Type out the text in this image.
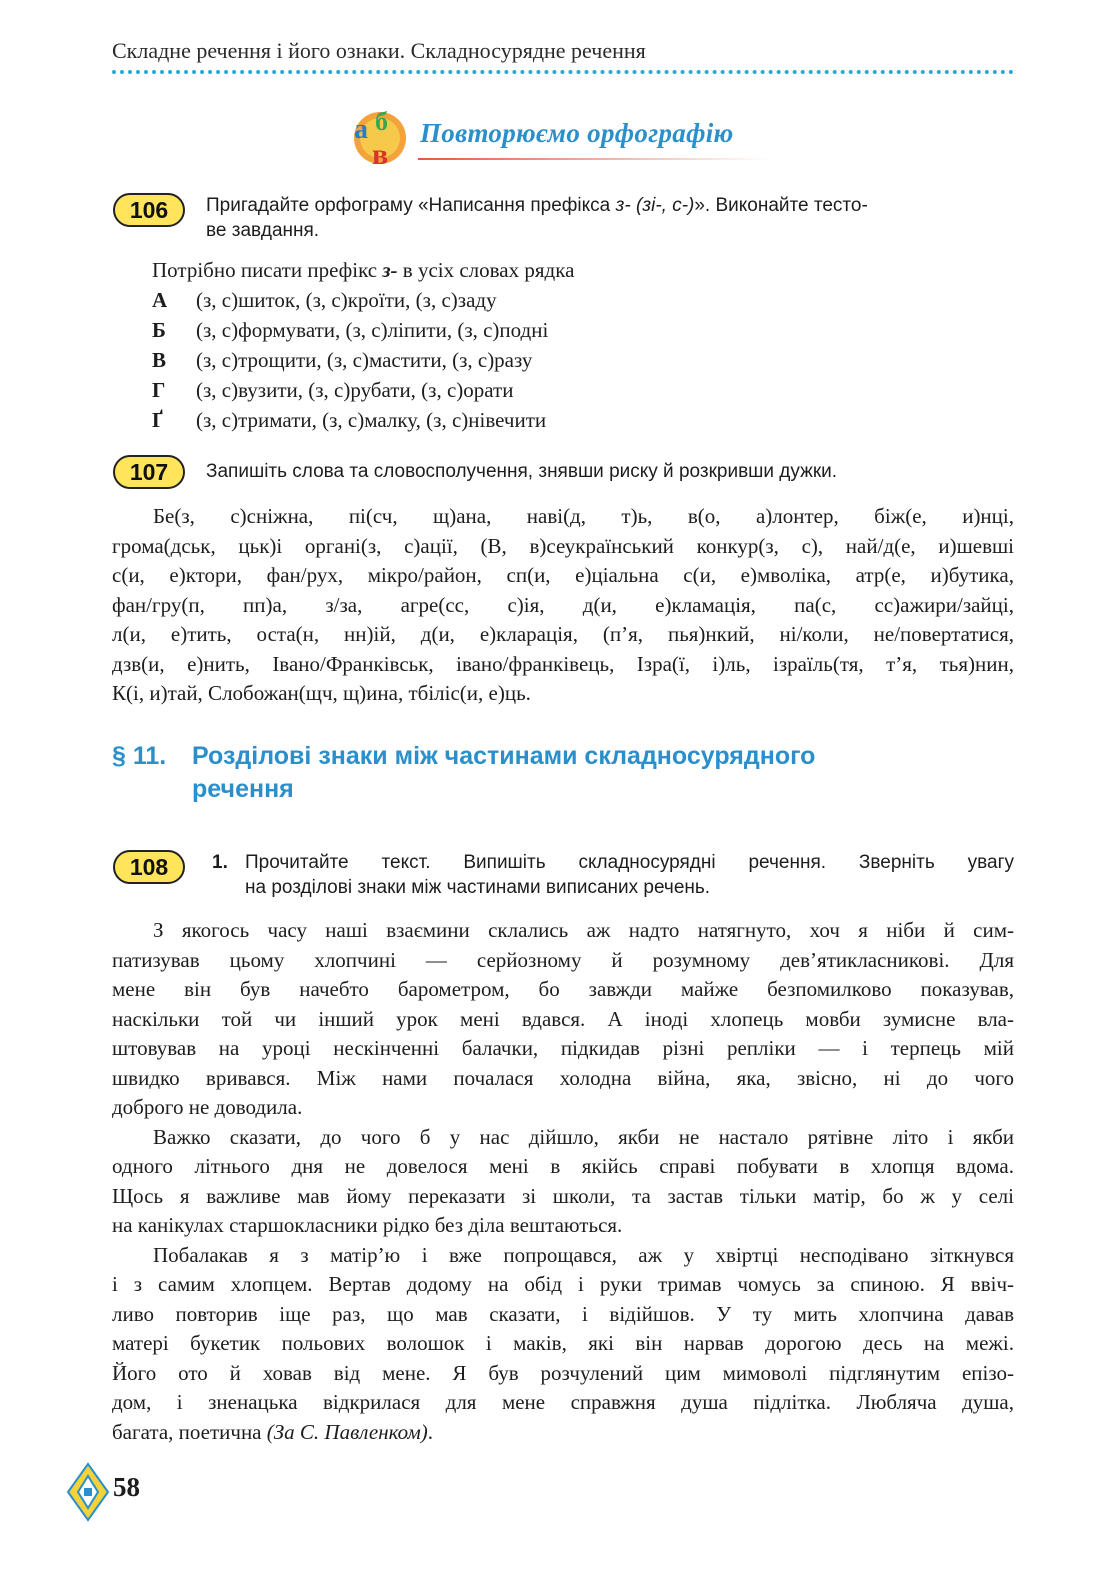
Складне речення і його ознаки. Складносурядне речення
а б
в
Повторюємо орфографію
106	Пригадайте орфограму «Написання префікса з- (зі-, с-)». Виконайте тесто-
ве завдання.
Потрібно писати префікс з- в усіх словах рядка
А (з, с)шиток, (з, с)кроїти, (з, с)заду
Б (з, с)формувати, (з, с)ліпити, (з, с)подні
В (з, с)трощити, (з, с)мастити, (з, с)разу
Г (з, с)вузити, (з, с)рубати, (з, с)орати
Ґ (з, с)тримати, (з, с)малку, (з, с)нівечити
107	Запишіть слова та словосполучення, знявши риску й розкривши дужки.

Бе(з, с)сніжна, пі(сч, щ)ана, наві(д, т)ь, в(о, а)лонтер, біж(е, и)нці,

грома(дськ, цьк)і органі(з, с)ації, (В, в)сеукраїнський конкур(з, с), най/д(е, и)шевші

с(и, е)ктори, фан/рух, мікро/район, сп(и, е)ціальна с(и, е)мволіка, атр(е, и)бутика,

фан/гру(п, пп)а, з/за, агре(сс, с)ія, д(и, е)кламація, па(с, сс)ажири/зайці,

л(и, е)тить, оста(н, нн)ій, д(и, е)кларація, (п’я, пья)нкий, ні/коли, не/повертатися,

дзв(и, е)нить, Івано/Франківськ, івано/франківець, Ізра(ї, і)ль, ізраїль(тя, т’я, тья)нин,

К(і, и)тай, Слобожан(щч, щ)ина, тбіліс(и, е)ць.

§ 11. Розділові знаки між частинами складносурядного
речення
108	1. Прочитайте текст. Випишіть складносурядні речення. Зверніть увагу
на розділові знаки між частинами виписаних речень.

З якогось часу наші взаємини склались аж надто натягнуто, хоч я ніби й сим-

патизував цьому хлопчині — серйозному й розумному дев’ятикласникові. Для

мене він був начебто барометром, бо завжди майже безпомилково показував,

наскільки той чи інший урок мені вдався. А іноді хлопець мовби зумисне вла-

штовував на уроці нескінченні балачки, підкидав різні репліки — і терпець мій

швидко вривався. Між нами почалася холодна війна, яка, звісно, ні до чого

доброго не доводила.

Важко сказати, до чого б у нас дійшло, якби не настало рятівне літо і якби

одного літнього дня не довелося мені в якійсь справі побувати в хлопця вдома.

Щось я важливе мав йому переказати зі школи, та застав тільки матір, бо ж у селі

на канікулах старшокласники рідко без діла вештаються.

Побалакав я з матір’ю і вже попрощався, аж у хвіртці несподівано зіткнувся

і з самим хлопцем. Вертав додому на обід і руки тримав чомусь за спиною. Я ввіч-

ливо повторив іще раз, що мав сказати, і відійшов. У ту мить хлопчина давав

матері букетик польових волошок і маків, які він нарвав дорогою десь на межі.

Його ото й ховав від мене. Я був розчулений цим мимоволі підглянутим епізо-

дом, і зненацька відкрилася для мене справжня душа підлітка. Любляча душа,

багата, поетична (За С. Павленком).

58
